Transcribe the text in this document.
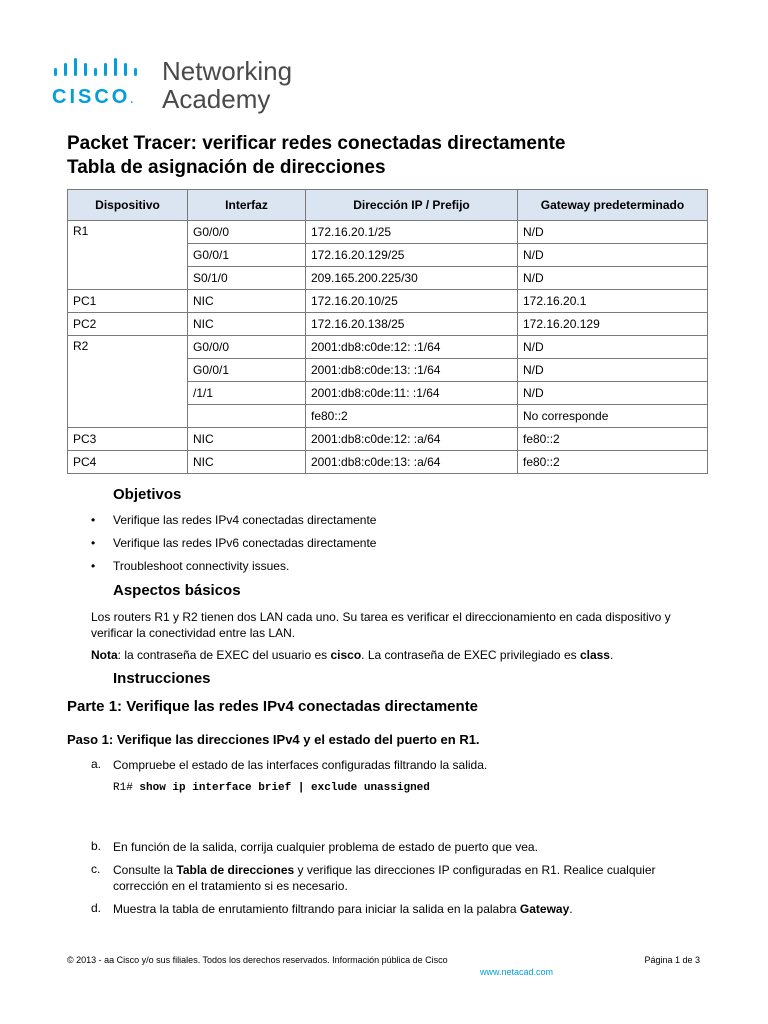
CISCO.
Networking
Academy
Packet Tracer: verificar redes conectadas directamente
Tabla de asignación de direcciones
Dispositivo	Interfaz	Dirección IP / Prefijo	Gateway predeterminado
R1	G0/0/0	172.16.20.1/25	N/D
	G0/0/1	172.16.20.129/25	N/D
	S0/1/0	209.165.200.225/30	N/D
PC1	NIC	172.16.20.10/25	172.16.20.1
PC2	NIC	172.16.20.138/25	172.16.20.129
R2	G0/0/0	2001:db8:c0de:12: :1/64	N/D
	G0/0/1	2001:db8:c0de:13: :1/64	N/D
	/1/1	2001:db8:c0de:11: :1/64	N/D
		fe80::2	No corresponde
PC3	NIC	2001:db8:c0de:12: :a/64	fe80::2
PC4	NIC	2001:db8:c0de:13: :a/64	fe80::2
Objetivos
• Verifique las redes IPv4 conectadas directamente
• Verifique las redes IPv6 conectadas directamente
• Troubleshoot connectivity issues.
Aspectos básicos
Los routers R1 y R2 tienen dos LAN cada uno. Su tarea es verificar el direccionamiento en cada dispositivo y verificar la conectividad entre las LAN.
Nota: la contraseña de EXEC del usuario es cisco. La contraseña de EXEC privilegiado es class.
Instrucciones
Parte 1: Verifique las redes IPv4 conectadas directamente
Paso 1: Verifique las direcciones IPv4 y el estado del puerto en R1.
a. Compruebe el estado de las interfaces configuradas filtrando la salida.
R1# show ip interface brief | exclude unassigned
b. En función de la salida, corrija cualquier problema de estado de puerto que vea.
c. Consulte la Tabla de direcciones y verifique las direcciones IP configuradas en R1. Realice cualquier corrección en el tratamiento si es necesario.
d. Muestra la tabla de enrutamiento filtrando para iniciar la salida en la palabra Gateway.
© 2013 - aa Cisco y/o sus filiales. Todos los derechos reservados. Información pública de Cisco	Página 1 de 3
www.netacad.com
